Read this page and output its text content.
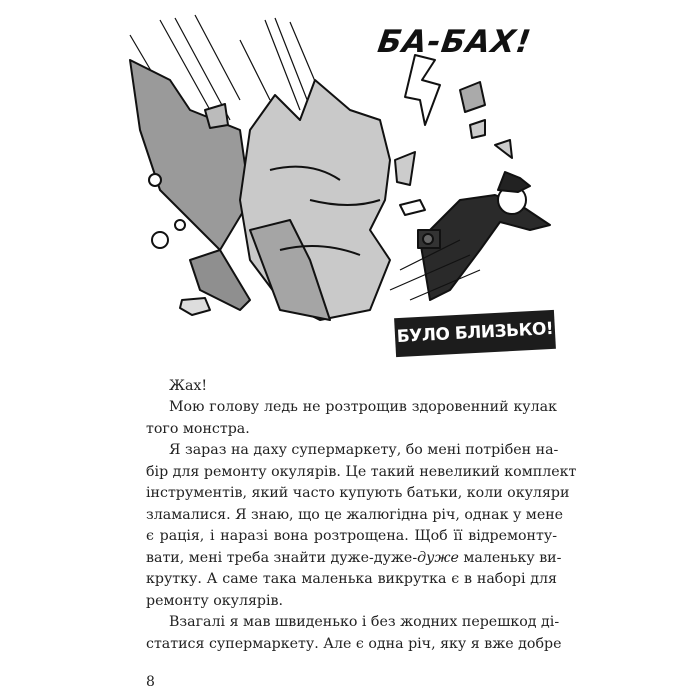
БА-БАХ!
БУЛО БЛИЗЬКО!
Жах!
Мою голову ледь не розтрощив здоровенний кулак
того монстра.
Я зараз на даху супермаркету, бо мені потрібен на-
бір для ремонту окулярів. Це такий невеликий комплект
інструментів, який часто купують батьки, коли окуляри
зламалися. Я знаю, що це жалюгідна річ, однак у мене
є рація, і наразі вона розтрощена. Щоб її відремонту-
вати, мені треба знайти дуже-дуже-дуже маленьку ви-
крутку. А саме така маленька викрутка є в наборі для
ремонту окулярів.
Взагалі я мав швиденько і без жодних перешкод ді-
статися супермаркету. Але є одна річ, яку я вже добре
8
